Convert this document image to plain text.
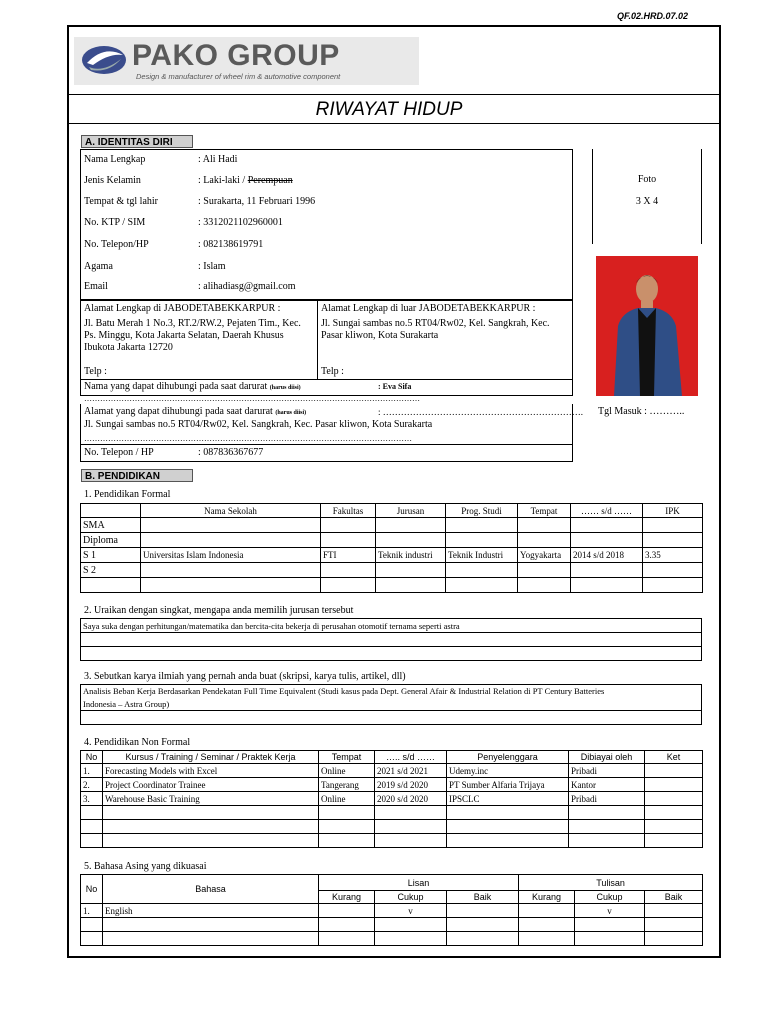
QF.02.HRD.07.02
PAKO GROUP
Design & manufacturer of wheel rim & automotive component
RIWAYAT HIDUP
A. IDENTITAS DIRI
Nama Lengkap	: Ali Hadi
Jenis Kelamin	: Laki-laki / Perempuan
Tempat & tgl lahir	: Surakarta, 11 Februari 1996
No. KTP / SIM	: 3312021102960001
No. Telepon/HP	: 082138619791
Agama	: Islam
Email	: alihadiasg@gmail.com
Foto
3 X 4
Tgl Masuk : ………..
Alamat Lengkap di JABODETABEKKARPUR :
Jl. Batu Merah 1 No.3, RT.2/RW.2, Pejaten Tim., Kec. Ps. Minggu, Kota Jakarta Selatan, Daerah Khusus Ibukota Jakarta 12720
Telp :
Alamat Lengkap di luar JABODETABEKKARPUR :
Jl. Sungai sambas no.5 RT04/Rw02, Kel. Sangkrah, Kec. Pasar kliwon, Kota Surakarta
Telp :
Nama yang dapat dihubungi pada saat darurat (harus diisi)	: Eva Sifa
………………………………………………………………………………………………………………
Alamat yang dapat dihubungi pada saat darurat (harus diisi)	: ………………………………………………………….
Jl. Sungai sambas no.5 RT04/Rw02, Kel. Sangkrah, Kec. Pasar kliwon, Kota Surakarta
……………………………………………………………………………………………………………
No. Telepon / HP	: 087836367677
B. PENDIDIKAN
1. Pendidikan Formal
	Nama Sekolah	Fakultas	Jurusan	Prog. Studi	Tempat	…… s/d ……	IPK
SMA							
Diploma							
S 1	Universitas Islam Indonesia	FTI	Teknik industri	Teknik Industri	Yogyakarta	2014 s/d 2018	3.35
S 2							

2. Uraikan dengan singkat, mengapa anda memilih jurusan tersebut
Saya suka dengan perhitungan/matematika dan bercita-cita bekerja di perusahan otomotif ternama seperti astra

3. Sebutkan karya ilmiah yang pernah anda buat (skripsi, karya tulis, artikel, dll)
Analisis Beban Kerja Berdasarkan Pendekatan Full Time Equivalent (Studi kasus pada Dept. General Afair & Industrial Relation di PT Century Batteries
Indonesia – Astra Group)

4. Pendidikan Non Formal
No	Kursus / Training / Seminar / Praktek Kerja	Tempat	….. s/d ……	Penyelenggara	Dibiayai oleh	Ket
1.	Forecasting Models with Excel	Online	2021 s/d 2021	Udemy.inc	Pribadi	
2.	Project Coordinator Trainee	Tangerang	2019 s/d 2020	PT Sumber Alfaria Trijaya	Kantor	
3.	Warehouse Basic Training	Online	2020 s/d 2020	IPSCLC	Pribadi	

5. Bahasa Asing yang dikuasai
No	Bahasa	Lisan			Tulisan		
		Kurang	Cukup	Baik	Kurang	Cukup	Baik
1.	English		v			v	
